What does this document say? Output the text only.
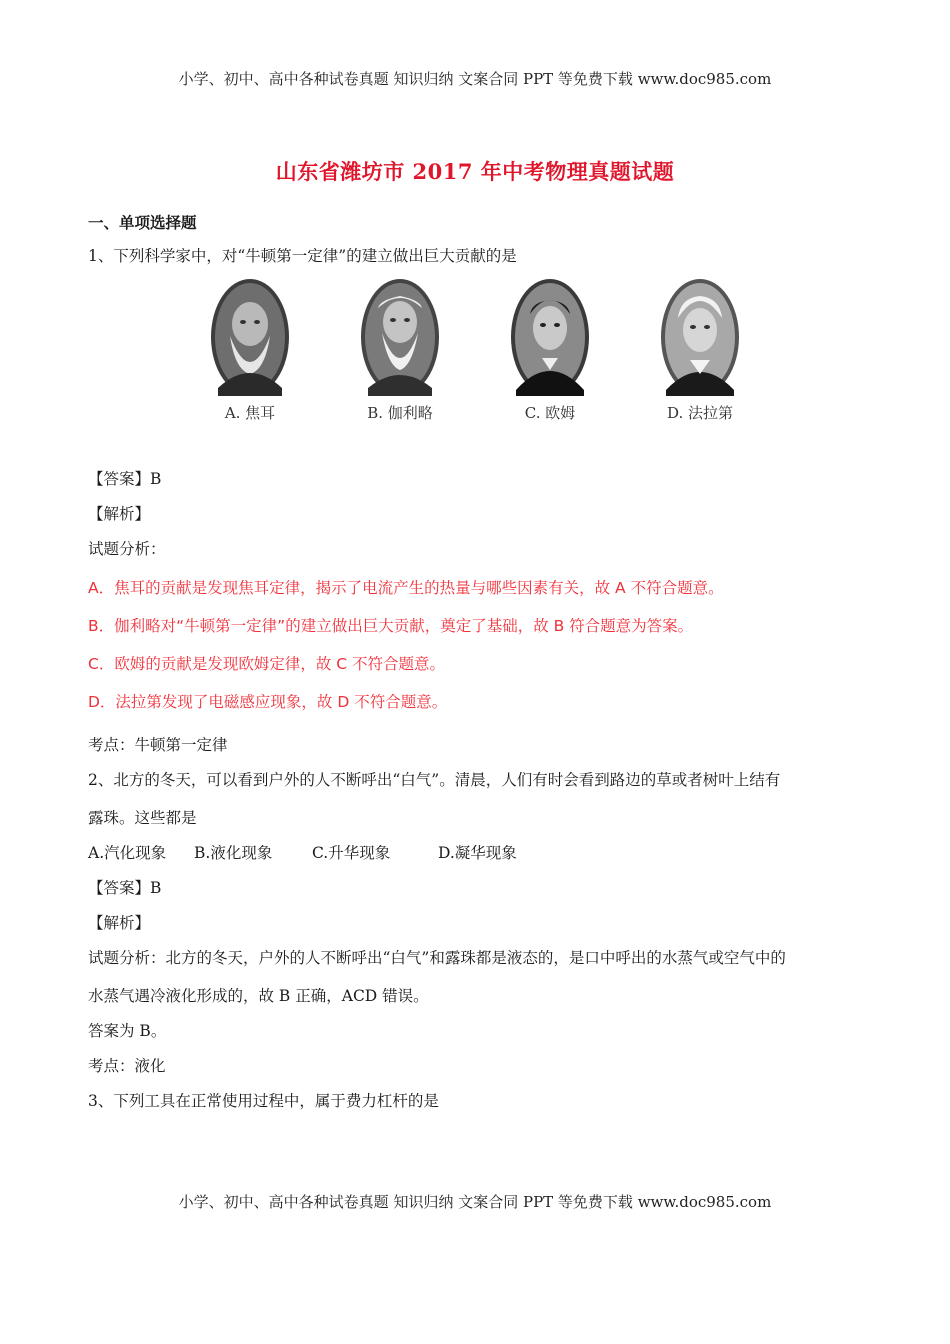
小学、初中、高中各种试卷真题 知识归纳 文案合同 PPT 等免费下载 www.doc985.com
山东省潍坊市 2017 年中考物理真题试题
一、单项选择题
1、下列科学家中，对“牛顿第一定律”的建立做出巨大贡献的是
A. 焦耳	B. 伽利略	C. 欧姆	D. 法拉第
【答案】B
【解析】
试题分析：
A．焦耳的贡献是发现焦耳定律，揭示了电流产生的热量与哪些因素有关，故 A 不符合题意。
B．伽利略对“牛顿第一定律”的建立做出巨大贡献，奠定了基础，故 B 符合题意为答案。
C．欧姆的贡献是发现欧姆定律，故 C 不符合题意。
D．法拉第发现了电磁感应现象，故 D 不符合题意。
考点：牛顿第一定律
2、北方的冬天，可以看到户外的人不断呼出“白气”。清晨，人们有时会看到路边的草或者树叶上结有
露珠。这些都是
A.汽化现象 B.液化现象	C.升华现象	D.凝华现象
【答案】B
【解析】
试题分析：北方的冬天，户外的人不断呼出“白气”和露珠都是液态的，是口中呼出的水蒸气或空气中的
水蒸气遇冷液化形成的，故 B 正确，ACD 错误。
答案为 B。
考点：液化
3、下列工具在正常使用过程中，属于费力杠杆的是
小学、初中、高中各种试卷真题 知识归纳 文案合同 PPT 等免费下载 www.doc985.com
